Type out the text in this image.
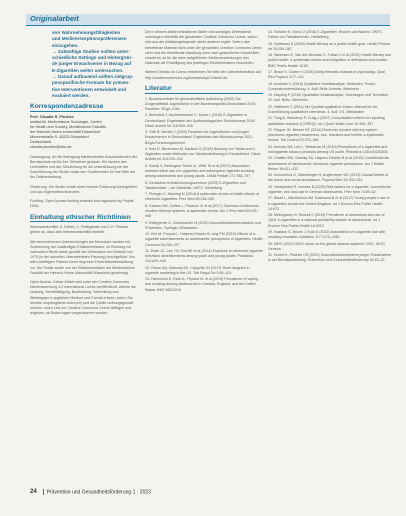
Originalarbeit
von Wahrnehmungsfähigkeiten
und Medienrezeptionspräferenzen
einzugehen.
→ Zukünftige Studien sollten unter-
schiedliche Settings und Hintergrün-
de junger Erwachsener in Bezug auf
E-Zigaretten weiter untersuchen.
→ Darauf aufbauend sollten zielgrup-
penspezifische Formate für präven-
tive Interventionen entwickelt und
evaluiert werden.
Korrespondenzadresse
Prof. Claudia R. Pischke
Institut für Medizinische Soziologie, Centre
for Health and Society, Medizinische Fakultät
der Heinrich-Heine-Universität Düsseldorf
Moorenstraße 5, 40225 Düsseldorf
Deutschland
claudia.pischke@hhu.de

Danksagung. An die Befragung teilnehmenden Auszubildenden der Berufsschule sei für ihre Teilnahme gedankt. Wir danken den Lehrkräften und der Schulleitung für die Unterstützung bei der Durchführung der Studie sowie den Studierenden für ihre Hilfe bei der Datenerhebung.

Förderung. Die Studie wurde ohne externe Förderung durchgeführt und aus Eigenmitteln finanziert.

Funding. Open Access funding enabled and organized by Projekt DEAL.

Einhaltung ethischer Richtlinien

Interessenkonflikt. K. Eckert, C. Reifegerste und C.R. Pischke geben an, dass kein Interessenkonflikt besteht.

Alle beschriebenen Untersuchungen am Menschen wurden mit Zustimmung der zuständigen Ethikkommission, im Einklang mit nationalem Recht sowie gemäß der Deklaration von Helsinki von 1975 (in der aktuellen, überarbeiteten Fassung) durchgeführt. Von allen beteiligten Patient/-innen liegt eine Einverständniserklärung vor. Die Studie wurde von der Ethikkommission der Medizinischen Fakultät der Heinrich-Heine-Universität Düsseldorf genehmigt.

Open Access. Dieser Artikel wird unter der Creative Commons Namensnennung 4.0 International Lizenz veröffentlicht, welche die Nutzung, Vervielfältigung, Bearbeitung, Verbreitung und Wiedergabe in jeglichem Medium und Format erlaubt, sofern Sie den/die ursprünglichen Autor(en) und die Quelle ordnungsgemäß nennen, einen Link zur Creative Commons Lizenz beifügen und angeben, ob Änderungen vorgenommen wurden.

Die in diesem Artikel enthaltenen Bilder und sonstiges Drittmaterial unterliegen ebenfalls der genannten Creative Commons Lizenz, sofern sich aus der Abbildungslegende nichts anderes ergibt. Sofern das betreffende Material nicht unter der genannten Creative Commons Lizenz steht und die betreffende Handlung nicht nach gesetzlichen Vorschriften erlaubt ist, ist für die oben aufgeführten Weiterverwendungen des Materials die Einwilligung des jeweiligen Rechteinhabers einzuholen.

Weitere Details zur Lizenz entnehmen Sie bitte der Lizenzinformation auf http://creativecommons.org/licenses/by/4.0/deed.de.

Literatur
1. Bundeszentrale für gesundheitliche Aufklärung (2020) Die Drogenaffinität Jugendlicher in der Bundesrepublik Deutschland 2019. Rauchen. BZgA, Köln
2. Atzendorf J, Aschenbrenner C, Kraus L (2019) E-Zigaretten in Deutschland: Ergebnisse des Epidemiologischen Suchtsurveys 2018. Dtsch Arztebl Int 116:909–916
3. Orth B, Merkel C (2022) Rauchen bei Jugendlichen und jungen Erwachsenen in Deutschland. Ergebnisse des Alkoholsurveys 2021. BZgA-Forschungsbericht
4. Kotz D, Böckmann M, Kastaun S (2018) Nutzung von Tabak und E-Zigaretten sowie Methoden zur Tabakentwöhnung in Deutschland. Dtsch Arztebl Int 115:235–242
5. Soneji S, Barrington-Trimis JL, Wills TA et al (2017) Association between initial use of e-cigarettes and subsequent cigarette smoking among adolescents and young adults. JAMA Pediatr 171:788–797
6. Deutsches Krebsforschungszentrum (2020) E-Zigaretten und Tabakerhitzer – ein Überblick. DKFZ, Heidelberg
7. Pisinger C, Døssing M (2014) A systematic review of health effects of electronic cigarettes. Prev Med 69:248–260
8. Glasser AM, Collins L, Pearson JL et al (2017) Overview of electronic nicotine delivery systems: a systematic review. Am J Prev Med 52:e33–e66
9. Reifegerste D, Schumacher M (2019) Gesundheitskommunikation und Prävention. Springer, Wiesbaden
10. Kim M, Popova L, Halpern-Felsher B, Ling PM (2019) Effects of e-cigarette advertisements on adolescents' perceptions of cigarettes. Health Commun 34:290–297
11. Duke JC, Lee YO, Kim AE et al (2014) Exposure to electronic cigarette television advertisements among youth and young adults. Pediatrics 134:e29–e36
12. Padon AA, Maloney EK, Cappella JN (2017) Youth-targeted e-cigarette marketing in the US. Tob Regul Sci 3:95–101
13. Hammond D, Reid JL, Rynard VL et al (2019) Prevalence of vaping and smoking among adolescents in Canada, England, and the United States. BMJ 365:l2219
14. Schaller K, Mons U (2018) E-Zigaretten: Risiken und Nutzen. DKFZ-Fakten zur Tabakkontrolle, Heidelberg
15. Nuttbeam D (2000) Health literacy as a public health goal. Health Promot Int 15:259–267
16. Sørensen K, Van den Broucke S, Fullam J et al (2012) Health literacy and public health: a systematic review and integration of definitions and models. BMC Public Health 12:80
17. Braun V, Clarke V (2006) Using thematic analysis in psychology. Qual Res Psychol 3:77–101
18. Kuckartz U (2018) Qualitative Inhaltsanalyse. Methoden, Praxis, Computerunterstützung, 4. Aufl. Beltz Juventa, Weinheim
19. Mayring P (2015) Qualitative Inhaltsanalyse. Grundlagen und Techniken, 12. Aufl. Beltz, Weinheim
20. Helfferich C (2011) Die Qualität qualitativer Daten. Manual für die Durchführung qualitativer Interviews, 4. Aufl. VS, Wiesbaden
21. Tong A, Sainsbury P, Craig J (2007) Consolidated criteria for reporting qualitative research (COREQ). Int J Qual Health Care 19:349–357
22. Pepper JK, Brewer NT (2014) Electronic nicotine delivery system (electronic cigarette) awareness, use, reactions and beliefs: a systematic review. Tob Control 23:375–384
23. Amrock SM, Lee L, Weitzman M (2016) Perceptions of e-cigarettes and noncigarette tobacco products among US youth. Pediatrics 138:e20154306
24. Chaffee BW, Gansky SA, Halpern-Felsher B et al (2015) Conditional risk assessment of adolescents' electronic cigarette perceptions. Am J Health Behav 39:421–432
25. Schomerus G, Matschinger H, Angermeyer MC (2014) Causal beliefs of the public and social acceptance. Psychol Med 44:303–314
26. Hanewinkel R, Isensee B (2015) Risk factors for e-cigarette, conventional cigarette, and dual use in German adolescents. Prev Med 74:59–62
27. Bauld L, MacKintosh AM, Eastwood B et al (2017) Young people's use of e-cigarettes across the United Kingdom. Int J Environ Res Public Health 14:973
28. McKeganey N, Russell C (2019) Prevalence of awareness and use of JUUL e-cigarettes in a national probability sample of adolescents. Int J Environ Res Public Health 16:4312
29. Kastaun S, Brown J, Kotz D (2022) Association of e-cigarette use with smoking cessation. Addiction 117:1070–1081
30. WHO (2021) WHO report on the global tobacco epidemic 2021. WHO, Geneva
31. Eckert K, Pischke CR (2021) Gesundheitskompetenz junger Erwachsener in der Berufsausbildung. Prävention und Gesundheitsförderung 16:15–22
24 Prävention und Gesundheitsförderung 1 · 2023
